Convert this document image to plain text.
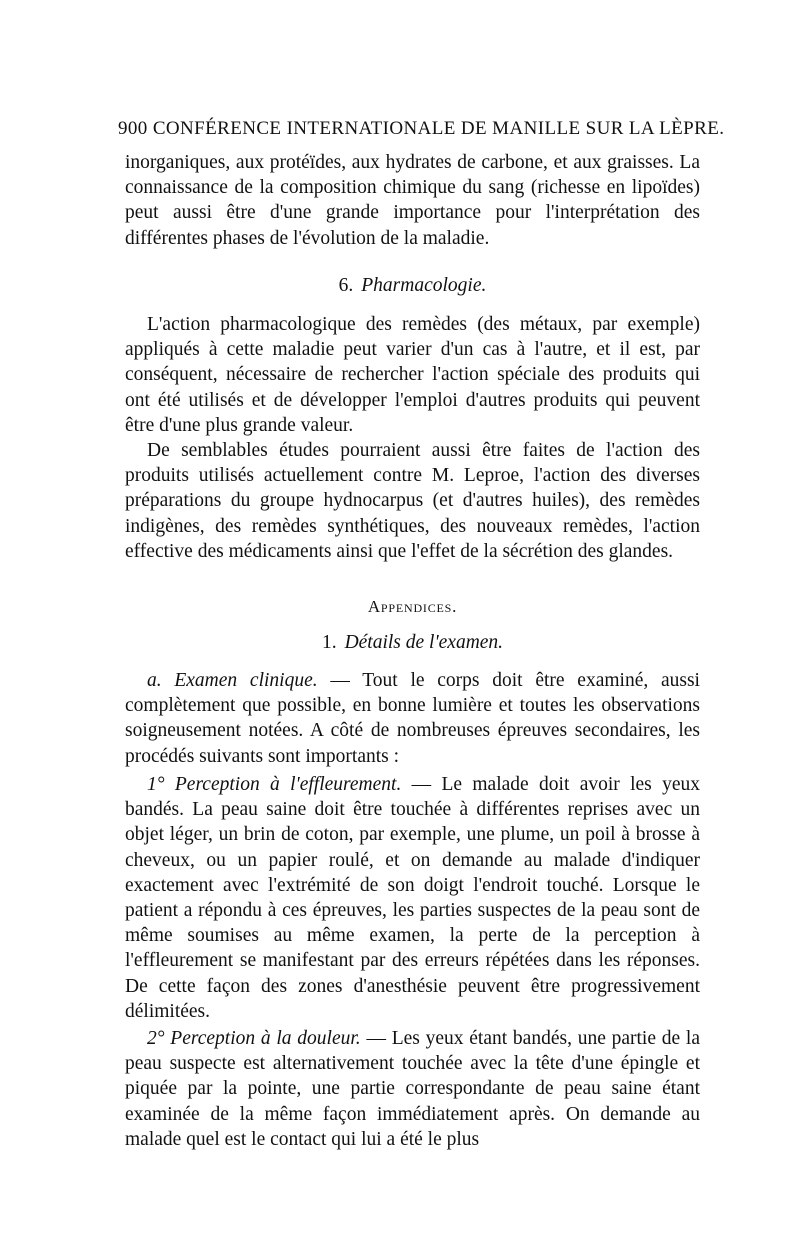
900 CONFÉRENCE INTERNATIONALE DE MANILLE SUR LA LÈPRE.

inorganiques, aux protéïdes, aux hydrates de carbone, et aux graisses. La connaissance de la composition chimique du sang (richesse en lipoïdes) peut aussi être d'une grande importance pour l'interprétation des différentes phases de l'évolution de la maladie.

6. Pharmacologie.

L'action pharmacologique des remèdes (des métaux, par exemple) appliqués à cette maladie peut varier d'un cas à l'autre, et il est, par conséquent, nécessaire de rechercher l'action spéciale des produits qui ont été utilisés et de développer l'emploi d'autres produits qui peuvent être d'une plus grande valeur.

De semblables études pourraient aussi être faites de l'action des produits utilisés actuellement contre M. Leproe, l'action des diverses préparations du groupe hydnocarpus (et d'autres huiles), des remèdes indigènes, des remèdes synthétiques, des nouveaux remèdes, l'action effective des médicaments ainsi que l'effet de la sécrétion des glandes.

Appendices.
1. Détails de l'examen.

a. Examen clinique. — Tout le corps doit être examiné, aussi complètement que possible, en bonne lumière et toutes les observations soigneusement notées. A côté de nombreuses épreuves secondaires, les procédés suivants sont importants :

1° Perception à l'effleurement. — Le malade doit avoir les yeux bandés. La peau saine doit être touchée à différentes reprises avec un objet léger, un brin de coton, par exemple, une plume, un poil à brosse à cheveux, ou un papier roulé, et on demande au malade d'indiquer exactement avec l'extrémité de son doigt l'endroit touché. Lorsque le patient a répondu à ces épreuves, les parties suspectes de la peau sont de même soumises au même examen, la perte de la perception à l'effleurement se manifestant par des erreurs répétées dans les réponses. De cette façon des zones d'anesthésie peuvent être progressivement délimitées.

2° Perception à la douleur. — Les yeux étant bandés, une partie de la peau suspecte est alternativement touchée avec la tête d'une épingle et piquée par la pointe, une partie correspondante de peau saine étant examinée de la même façon immédiatement après. On demande au malade quel est le contact qui lui a été le plus
